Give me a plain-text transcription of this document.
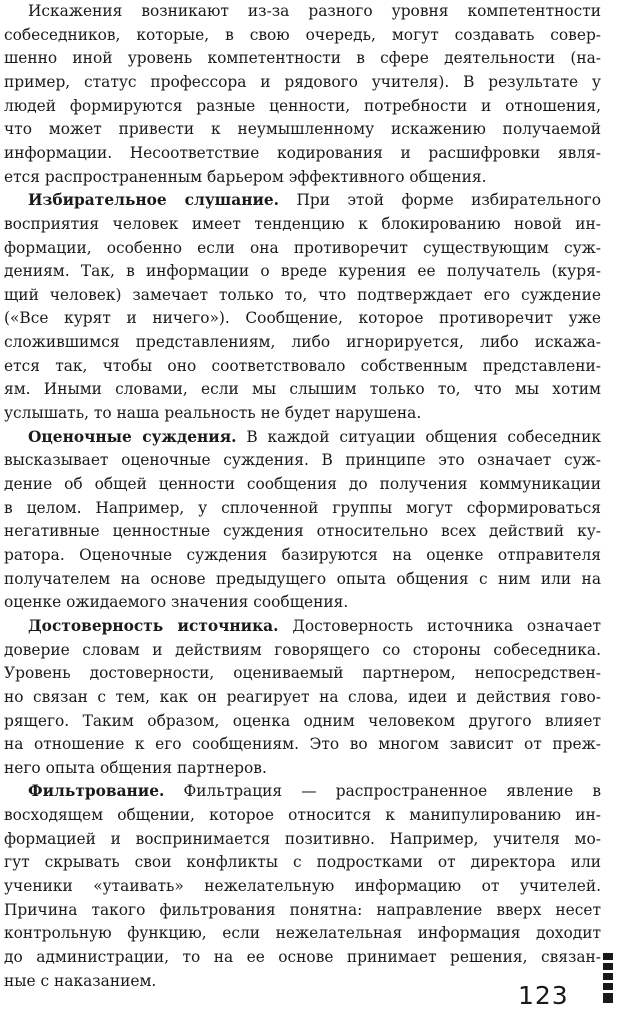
Искажения возникают из-за разного уровня компетентности
собеседников, которые, в свою очередь, могут создавать совер-
шенно иной уровень компетентности в сфере деятельности (на-
пример, статус профессора и рядового учителя). В результате у
людей формируются разные ценности, потребности и отношения,
что может привести к неумышленному искажению получаемой
информации. Несоответствие кодирования и расшифровки явля-
ется распространенным барьером эффективного общения.
Избирательное слушание. При этой форме избирательного
восприятия человек имеет тенденцию к блокированию новой ин-
формации, особенно если она противоречит существующим суж-
дениям. Так, в информации о вреде курения ее получатель (куря-
щий человек) замечает только то, что подтверждает его суждение
(«Все курят и ничего»). Сообщение, которое противоречит уже
сложившимся представлениям, либо игнорируется, либо искажа-
ется так, чтобы оно соответствовало собственным представлени-
ям. Иными словами, если мы слышим только то, что мы хотим
услышать, то наша реальность не будет нарушена.
Оценочные суждения. В каждой ситуации общения собеседник
высказывает оценочные суждения. В принципе это означает суж-
дение об общей ценности сообщения до получения коммуникации
в целом. Например, у сплоченной группы могут сформироваться
негативные ценностные суждения относительно всех действий ку-
ратора. Оценочные суждения базируются на оценке отправителя
получателем на основе предыдущего опыта общения с ним или на
оценке ожидаемого значения сообщения.
Достоверность источника. Достоверность источника означает
доверие словам и действиям говорящего со стороны собеседника.
Уровень достоверности, оцениваемый партнером, непосредствен-
но связан с тем, как он реагирует на слова, идеи и действия гово-
рящего. Таким образом, оценка одним человеком другого влияет
на отношение к его сообщениям. Это во многом зависит от преж-
него опыта общения партнеров.
Фильтрование. Фильтрация — распространенное явление в
восходящем общении, которое относится к манипулированию ин-
формацией и воспринимается позитивно. Например, учителя мо-
гут скрывать свои конфликты с подростками от директора или
ученики «утаивать» нежелательную информацию от учителей.
Причина такого фильтрования понятна: направление вверх несет
контрольную функцию, если нежелательная информация доходит
до администрации, то на ее основе принимает решения, связан-
ные с наказанием.
123
